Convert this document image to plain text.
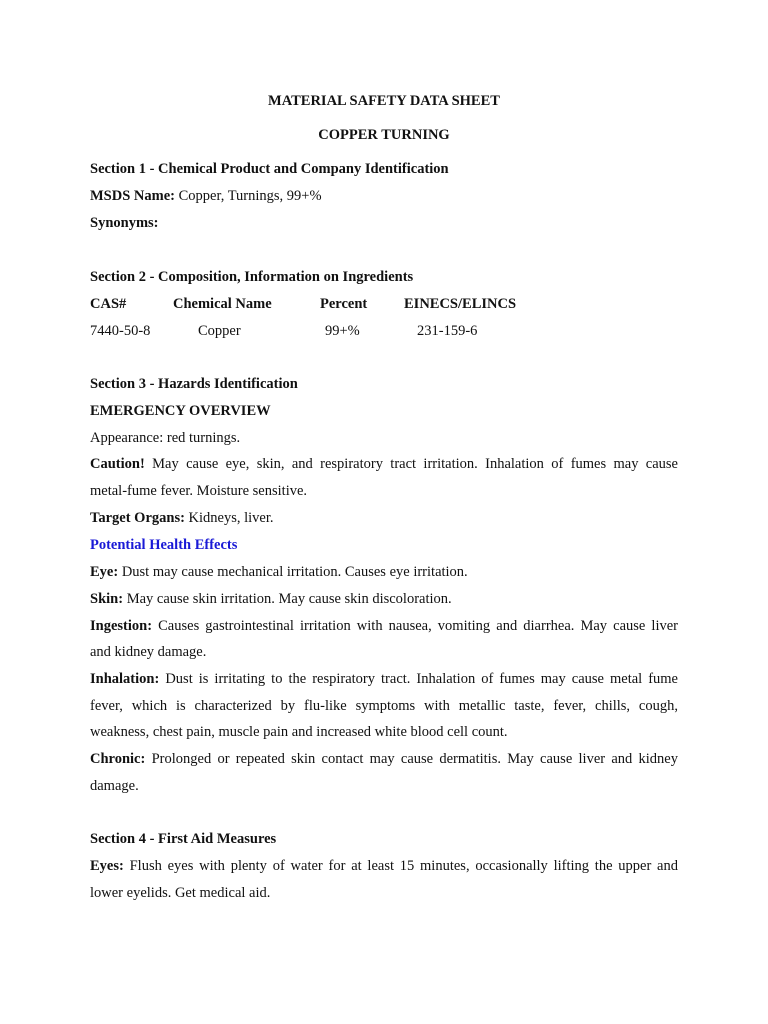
MATERIAL SAFETY DATA SHEET
COPPER TURNING
Section 1 - Chemical Product and Company Identification
MSDS Name: Copper, Turnings, 99+%
Synonyms:
Section 2 - Composition, Information on Ingredients
CAS#	Chemical Name	Percent	EINECS/ELINCS
7440-50-8	Copper	99+%	231-159-6
Section 3 - Hazards Identification
EMERGENCY OVERVIEW
Appearance: red turnings.
Caution! May cause eye, skin, and respiratory tract irritation. Inhalation of fumes may cause
metal-fume fever. Moisture sensitive.
Target Organs: Kidneys, liver.
Potential Health Effects
Eye: Dust may cause mechanical irritation. Causes eye irritation.
Skin: May cause skin irritation. May cause skin discoloration.
Ingestion: Causes gastrointestinal irritation with nausea, vomiting and diarrhea. May cause liver
and kidney damage.
Inhalation: Dust is irritating to the respiratory tract. Inhalation of fumes may cause metal fume
fever, which is characterized by flu-like symptoms with metallic taste, fever, chills, cough,
weakness, chest pain, muscle pain and increased white blood cell count.
Chronic: Prolonged or repeated skin contact may cause dermatitis. May cause liver and kidney
damage.
Section 4 - First Aid Measures
Eyes: Flush eyes with plenty of water for at least 15 minutes, occasionally lifting the upper and
lower eyelids. Get medical aid.
